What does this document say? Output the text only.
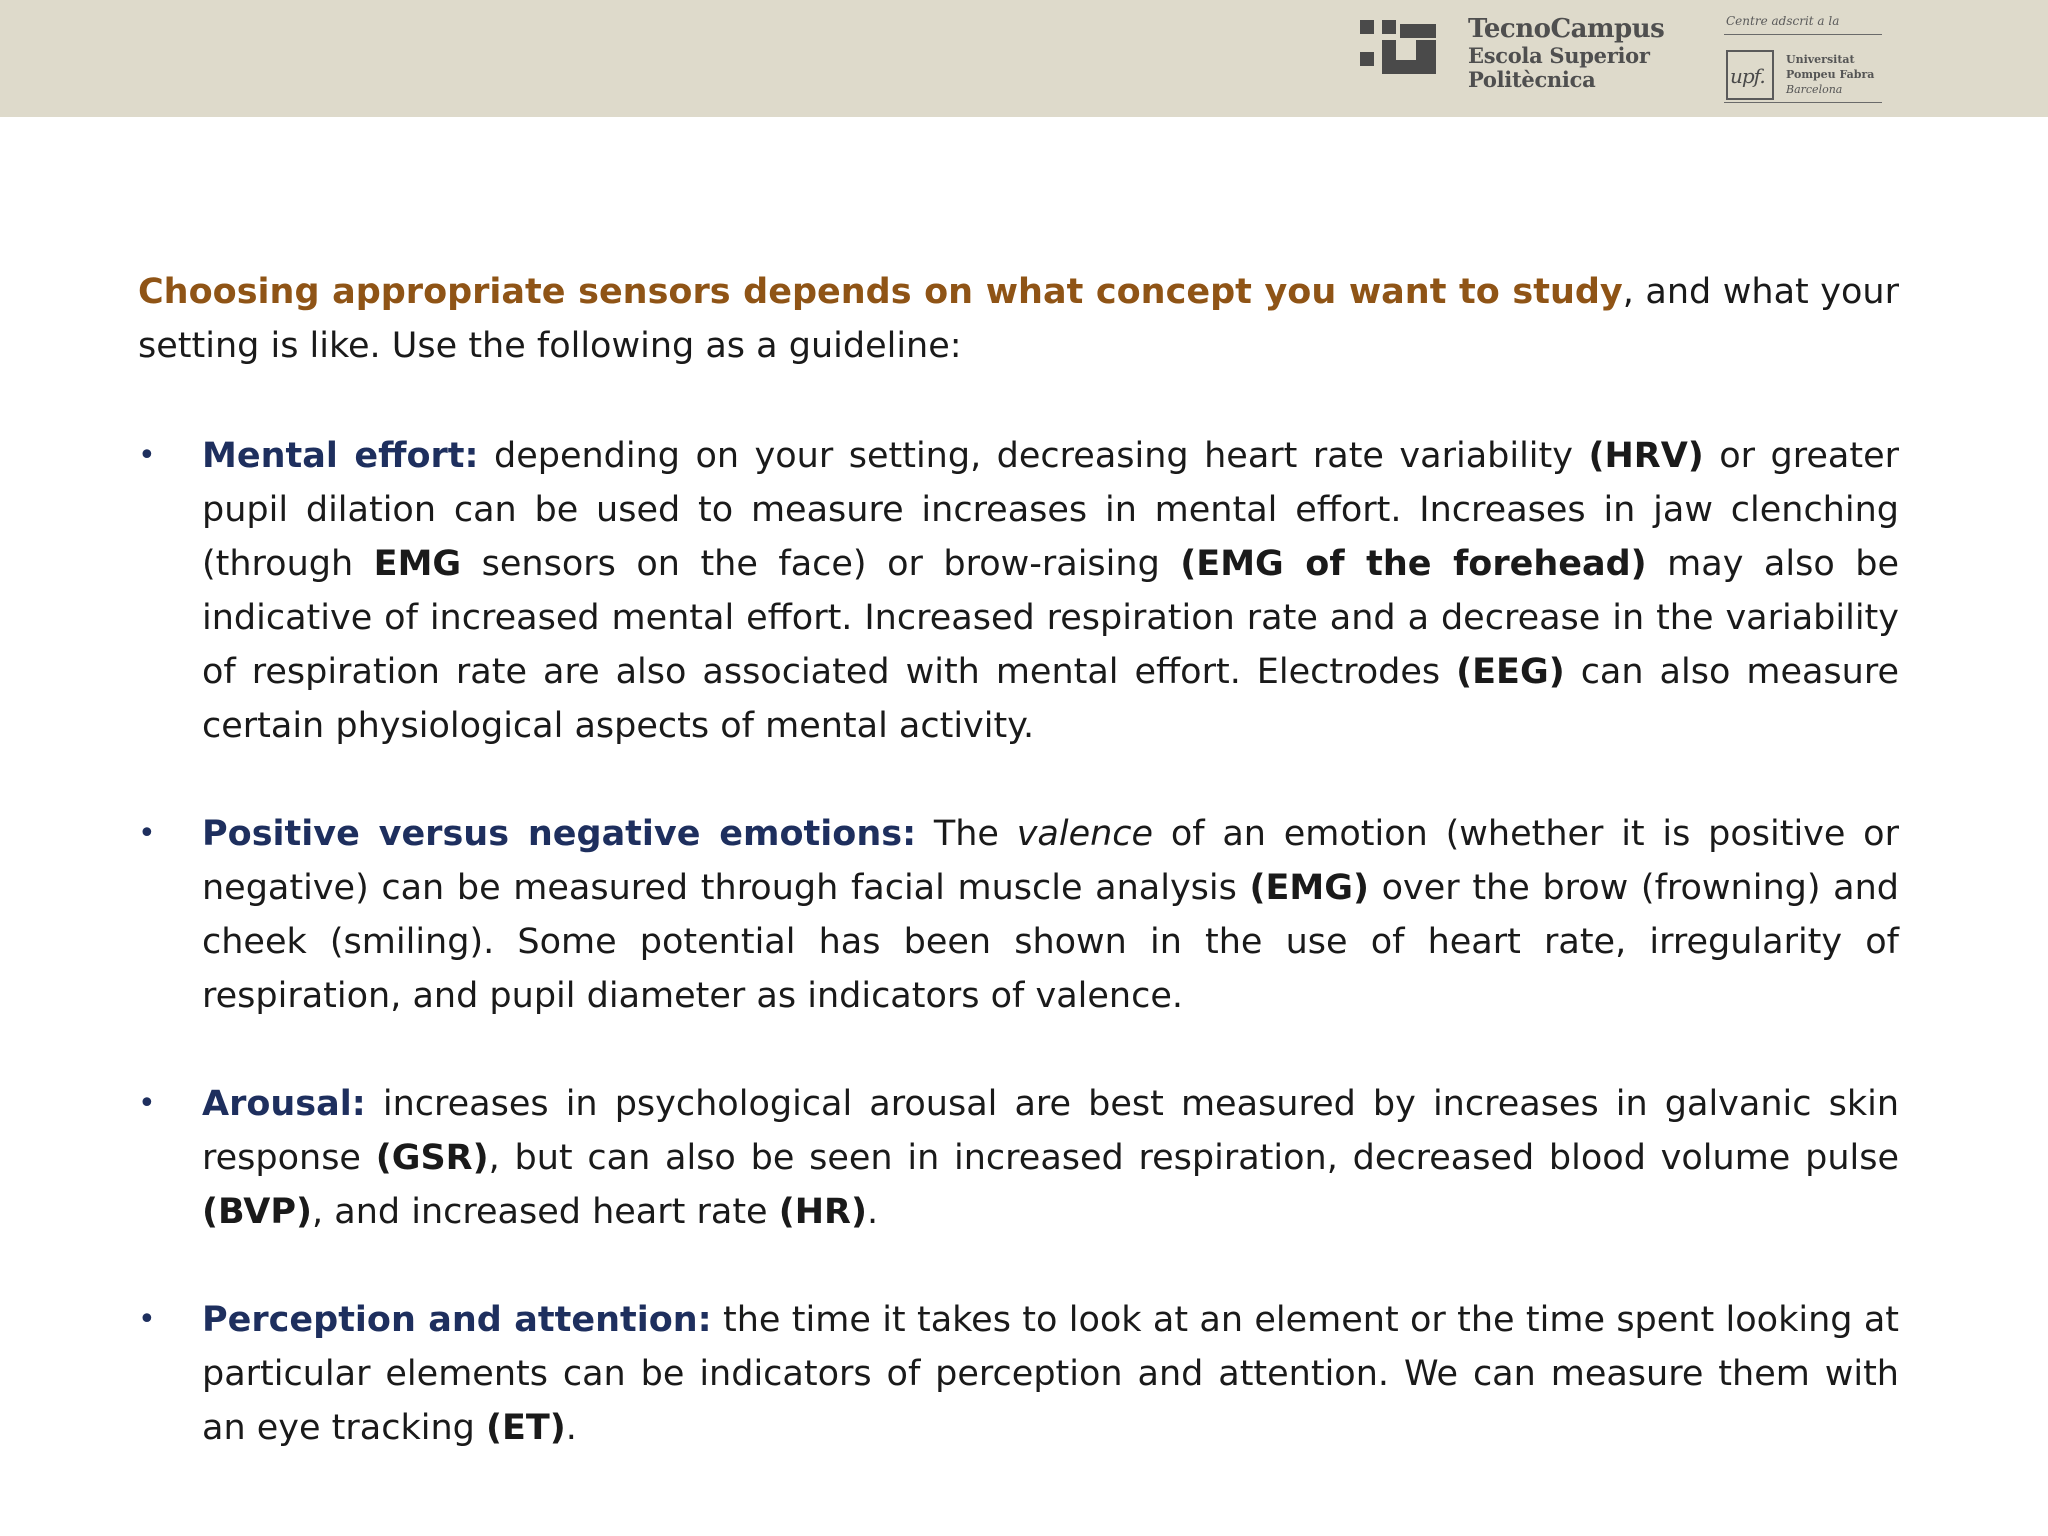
TecnoCampus
Escola Superior
Politècnica
Centre adscrit a la
upf.
Universitat
Pompeu Fabra
Barcelona

Choosing appropriate sensors depends on what concept you want to study, and what your setting is like. Use the following as a guideline:

• Mental effort: depending on your setting, decreasing heart rate variability (HRV) or greater pupil dilation can be used to measure increases in mental effort. Increases in jaw clenching (through EMG sensors on the face) or brow-raising (EMG of the forehead) may also be indicative of increased mental effort. Increased respiration rate and a decrease in the variability of respiration rate are also associated with mental effort. Electrodes (EEG) can also measure certain physiological aspects of mental activity.

• Positive versus negative emotions: The valence of an emotion (whether it is positive or negative) can be measured through facial muscle analysis (EMG) over the brow (frowning) and cheek (smiling). Some potential has been shown in the use of heart rate, irregularity of respiration, and pupil diameter as indicators of valence.

• Arousal: increases in psychological arousal are best measured by increases in galvanic skin response (GSR), but can also be seen in increased respiration, decreased blood volume pulse (BVP), and increased heart rate (HR).

• Perception and attention: the time it takes to look at an element or the time spent looking at particular elements can be indicators of perception and attention. We can measure them with an eye tracking (ET).
